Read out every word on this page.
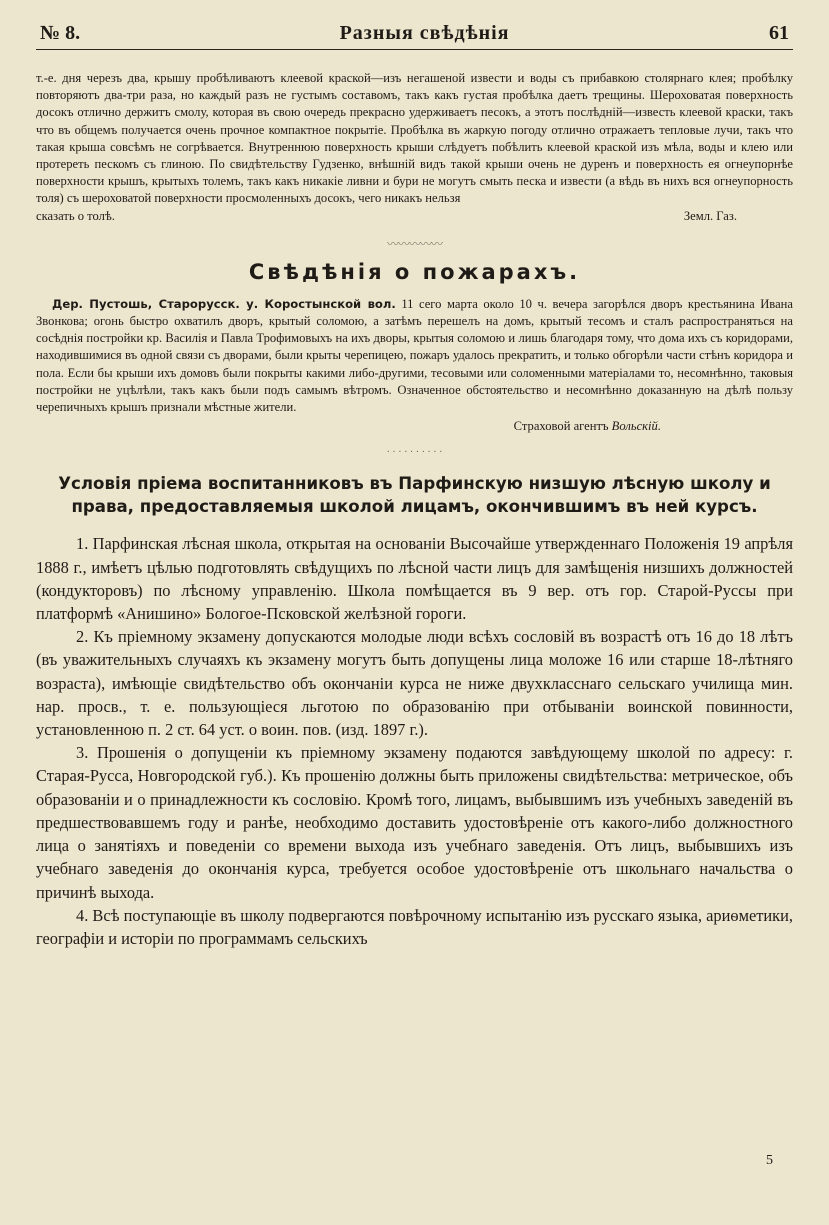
№ 8.	Разныя свѣдѣнія	61

т.-е. дня черезъ два, крышу пробѣливаютъ клеевой краской—изъ негашеной извести и воды съ прибавкою столярнаго клея; пробѣлку повторяютъ два-три раза, но каждый разъ не густымъ составомъ, такъ какъ густая пробѣлка даетъ трещины. Шероховатая поверхность досокъ отлично держитъ смолу, которая въ свою очередь прекрасно удерживаетъ песокъ, а этотъ послѣдній—известь клеевой краски, такъ что въ общемъ получается очень прочное компактное покрытіе. Пробѣлка въ жаркую погоду отлично отражаетъ тепловые лучи, такъ что такая крыша совсѣмъ не согрѣвается. Внутреннюю поверхность крыши слѣдуетъ побѣлить клеевой краской изъ мѣла, воды и клею или протереть пескомъ съ глиною. По свидѣтельству Гудзенко, внѣшній видъ такой крыши очень не дуренъ и поверхность ея огнеупорнѣе поверхности крышъ, крытыхъ толемъ, такъ какъ никакіе ливни и бури не могутъ смыть песка и извести (а вѣдь въ нихъ вся огнеупорность толя) съ шероховатой поверхности просмоленныхъ досокъ, чего никакъ нельзя

сказать о толѣ.	Земл. Газ.
〰〰〰〰〰
Свѣдѣнія о пожарахъ.

Дер. Пустошь, Старорусск. у. Коростынской вол. 11 сего марта около 10 ч. вечера загорѣлся дворъ крестьянина Ивана Звонкова; огонь быстро охватилъ дворъ, крытый соломою, а затѣмъ перешелъ на домъ, крытый тесомъ и сталъ распространяться на сосѣднія постройки кр. Василія и Павла Трофимовыхъ на ихъ дворы, крытыя соломою и лишь благодаря тому, что дома ихъ съ коридорами, находившимися въ одной связи съ дворами, были крыты черепицею, пожаръ удалось прекратить, и только обгорѣли части стѣнъ коридора и пола. Если бы крыши ихъ домовъ были покрыты какими либо-другими, тесовыми или соломенными матеріалами то, несомнѣнно, таковыя постройки не уцѣлѣли, такъ какъ были подъ самымъ вѣтромъ. Означенное обстоятельство и несомнѣнно доказанную на дѣлѣ пользу черепичныхъ крышъ признали мѣстные жители.

Страховой агентъ Вольскій.
· · · · · · · · · ·
Условія пріема воспитанниковъ въ Парфинскую низшую лѣсную школу и права, предоставляемыя школой лицамъ, окончившимъ въ ней курсъ.

1. Парфинская лѣсная школа, открытая на основаніи Высочайше утвержденнаго Положенія 19 апрѣля 1888 г., имѣетъ цѣлью подготовлять свѣдущихъ по лѣсной части лицъ для замѣщенія низшихъ должностей (кондукторовъ) по лѣсному управленію. Школа помѣщается въ 9 вер. отъ гор. Старой-Руссы при платформѣ «Анишино» Бологое-Псковской желѣзной гороги.

2. Къ пріемному экзамену допускаются молодые люди всѣхъ сословій въ возрастѣ отъ 16 до 18 лѣтъ (въ уважительныхъ случаяхъ къ экзамену могутъ быть допущены лица моложе 16 или старше 18-лѣтняго возраста), имѣющіе свидѣтельство объ окончаніи курса не ниже двухкласснаго сельскаго училища мин. нар. просв., т. е. пользующіеся льготою по образованію при отбываніи воинской повинности, установленною п. 2 ст. 64 уст. о воин. пов. (изд. 1897 г.).

3. Прошенія о допущеніи къ пріемному экзамену подаются завѣдующему школой по адресу: г. Старая-Русса, Новгородской губ.). Къ прошенію должны быть приложены свидѣтельства: метрическое, объ образованіи и о принадлежности къ сословію. Кромѣ того, лицамъ, выбывшимъ изъ учебныхъ заведеній въ предшествовавшемъ году и ранѣе, необходимо доставить удостовѣреніе отъ какого-либо должностного лица о занятіяхъ и поведеніи со времени выхода изъ учебнаго заведенія. Отъ лицъ, выбывшихъ изъ учебнаго заведенія до окончанія курса, требуется особое удостовѣреніе отъ школьнаго начальства о причинѣ выхода.

4. Всѣ поступающіе въ школу подвергаются повѣрочному испытанію изъ русскаго языка, ариѳметики, географіи и исторіи по программамъ сельскихъ

5
